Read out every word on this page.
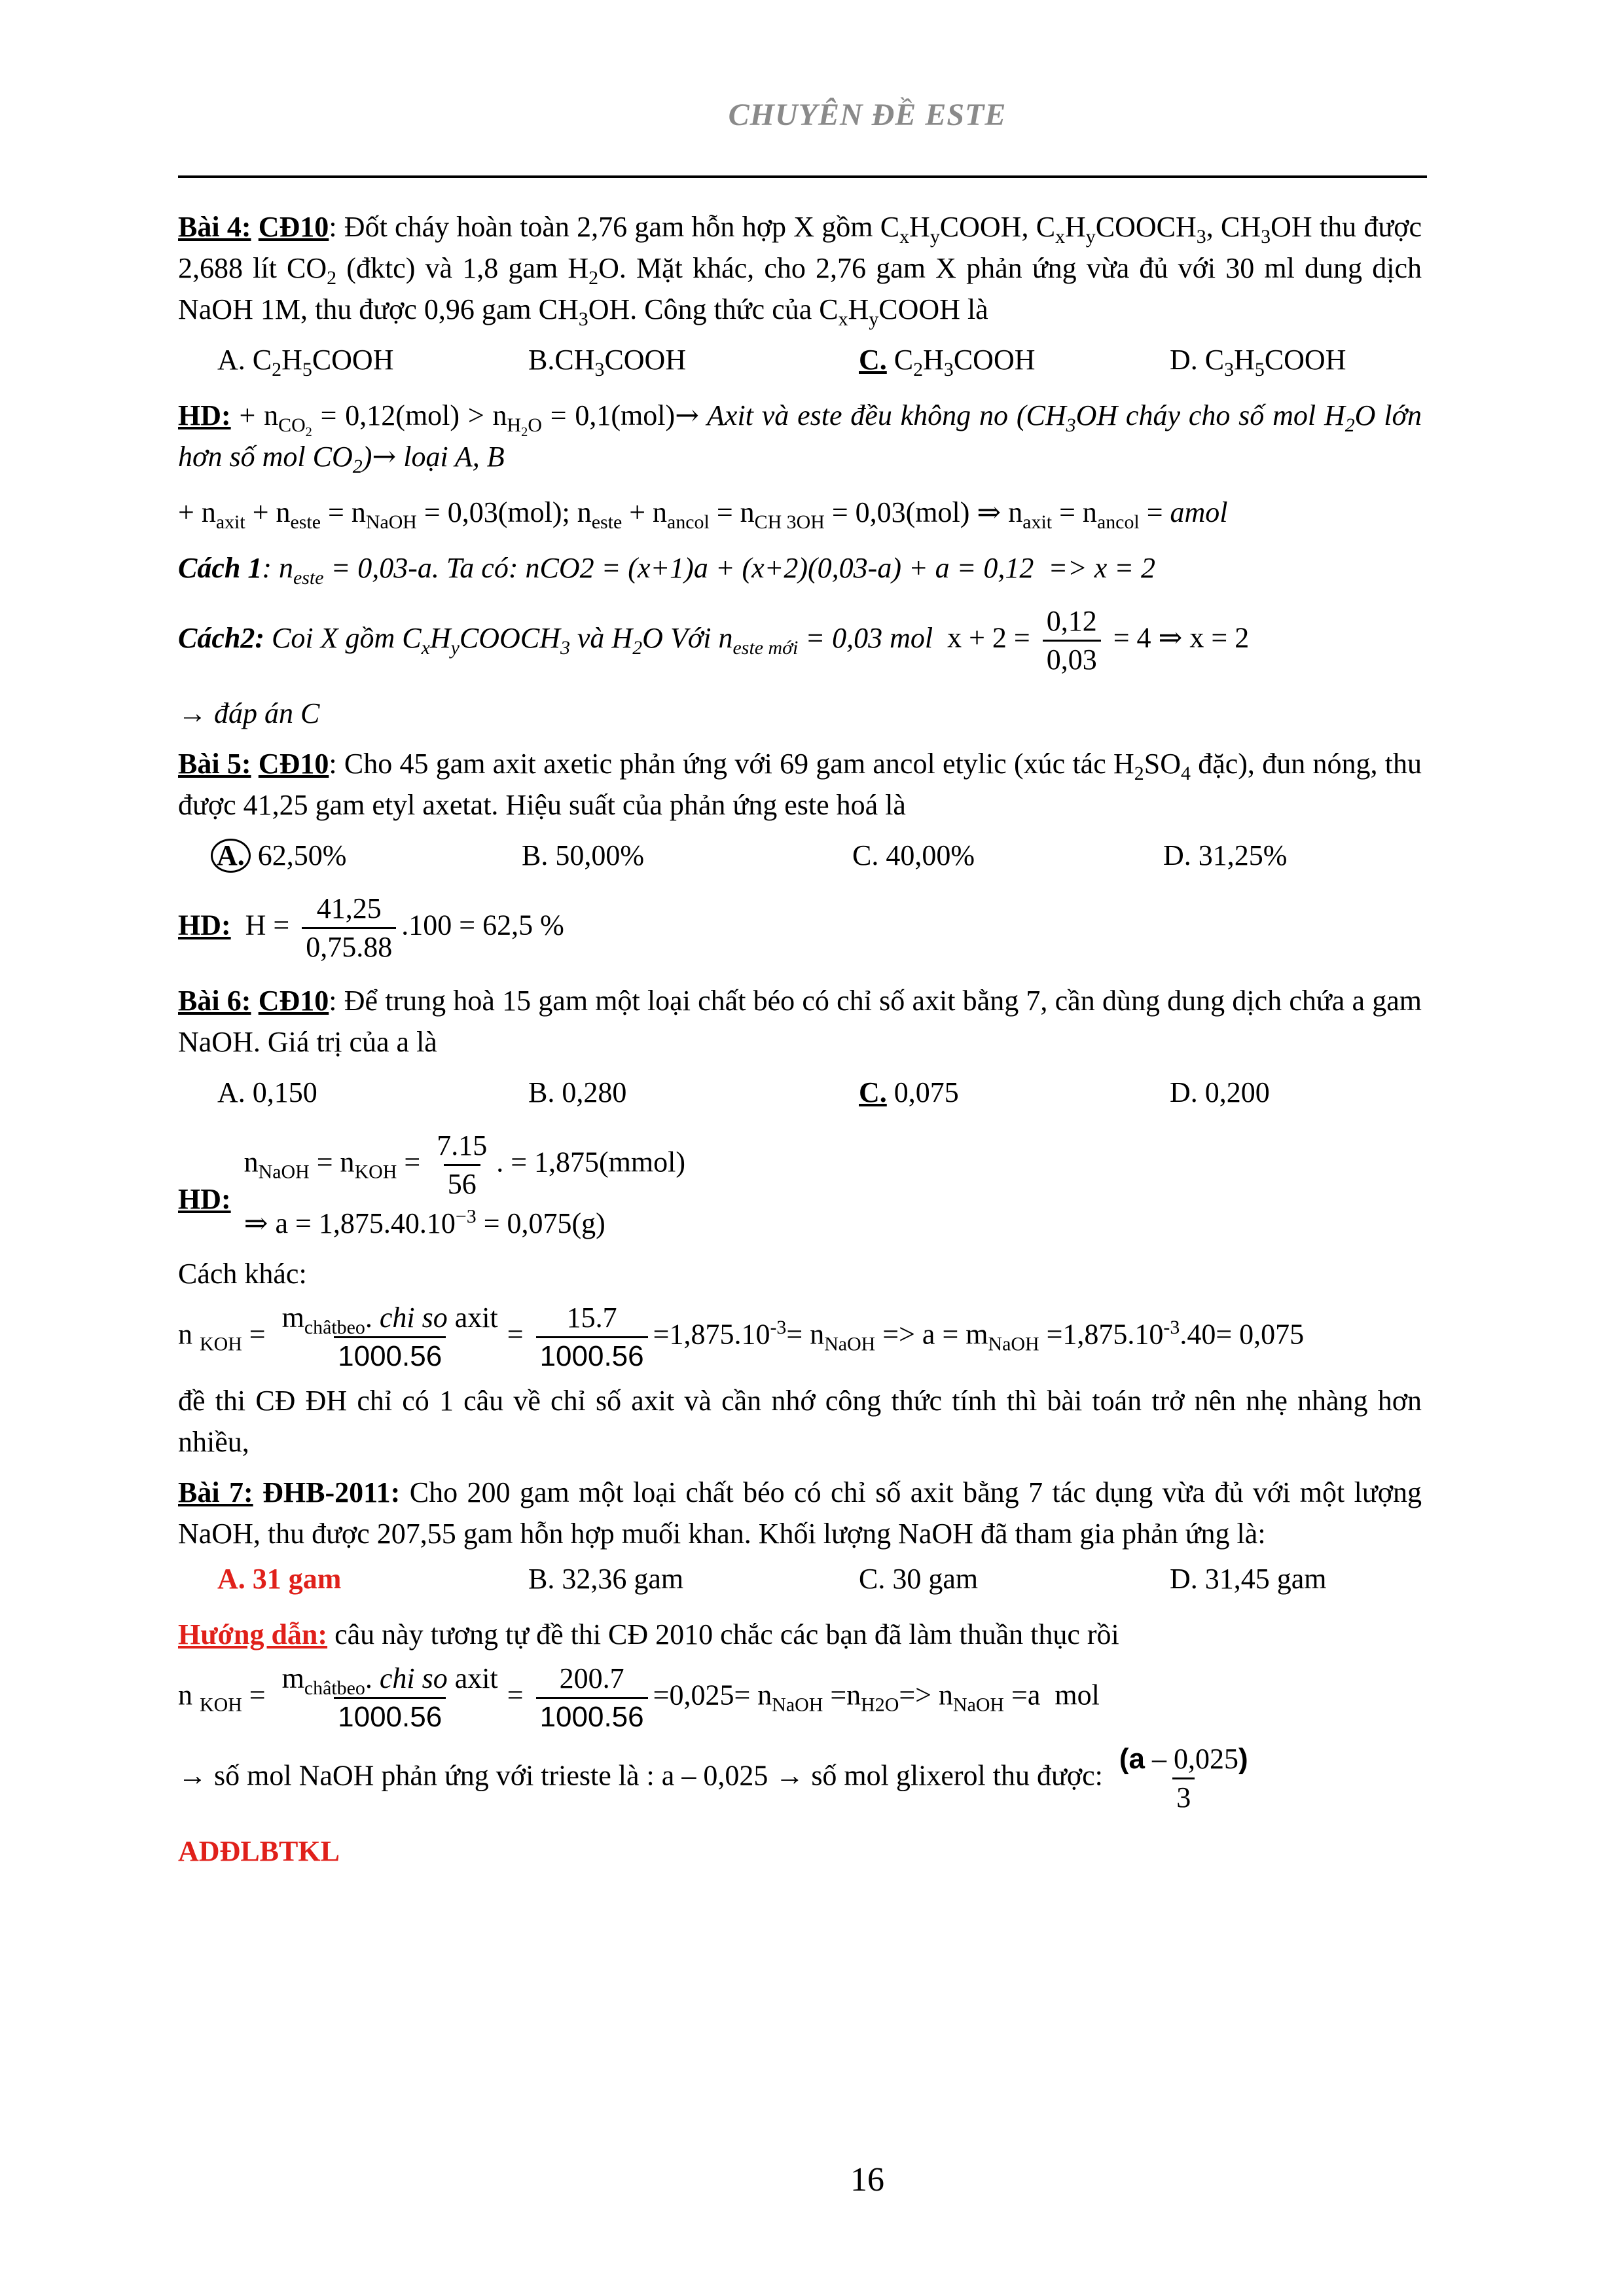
CHUYÊN ĐỀ ESTE

Bài 4: CĐ10: Đốt cháy hoàn toàn 2,76 gam hỗn hợp X gồm $C_xH_yCOOH$, $C_xH_yCOOCH_3$, $CH_3OH$ thu được 2,688 lít $CO_2$ (đktc) và 1,8 gam $H_2O$. Mặt khác, cho 2,76 gam X phản ứng vừa đủ với 30 ml dung dịch NaOH 1M, thu được 0,96 gam $CH_3OH$. Công thức của $C_xH_yCOOH$ là

A. $C_2H_5COOH$	$B.CH_3COOH$	C. $C_2H_3COOH$	D. $C_3H_5COOH$

HD: + $n_{CO_2} = 0,12(mol) > n_{H_2O} = 0,1(mol)\to$ Axit và este đều không no ($CH_3OH$ cháy cho số mol $H_2O$ lớn hơn số mol $CO_2)\to$ loại A, B

+ $n_{axit} + n_{este} = n_{NaOH} = 0,03(mol)$; $n_{este} + n_{ancol} = n_{CH 3OH} = 0,03(mol)$ ⇒ $n_{axit} = n_{ancol}$ = amol

Cách 1: $n_{este} = 0,03-a$. Ta có: nCO2 = (x+1)a + (x+2)(0,03-a) + a = 0,12  => x = 2

Cách2: Coi X gồm $C_xH_yCOOCH_3$ và $H_2O$ Với $n_{este mới} = 0,03$ mol $x + 2 = \frac{0,12}{0,03} = 4$ ⇒ x = 2

→ đáp án C

Bài 5: CĐ10: Cho 45 gam axit axetic phản ứng với 69 gam ancol etylic (xúc tác $H_2SO_4$ đặc), đun nóng, thu được 41,25 gam etyl axetat. Hiệu suất của phản ứng este hoá là

A. 62,50%	B. 50,00%	C. 40,00%	D. 31,25%

HD: $H = \frac{41,25}{0,75.88} .100 = 62,5$ %

Bài 6: CĐ10: Để trung hoà 15 gam một loại chất béo có chỉ số axit bằng 7, cần dùng dung dịch chứa a gam NaOH. Giá trị của a là

A. 0,150	B. 0,280	C. 0,075	D. 0,200
HD:
$n_{NaOH} = n_{KOH} = \frac{7.15}{56}$ . = 1,875(mmol)
⇒ $a = 1,875.40.10^{-3} = 0,075(g)$

Cách khác:

n $_{KOH} = \frac{m_{châtbeo}. chi so axit}{1000.56} = \frac{15.7}{1000.56} =1,875.10^{-3}= n_{NaOH} => a = m_{NaOH} =1,875.10^{-3}.40= 0,075$

đề thi CĐ ĐH chỉ có 1 câu về chỉ số axit và cần nhớ công thức tính thì bài toán trở nên nhẹ nhàng hơn nhiều,

Bài 7: ĐHB-2011: Cho 200 gam một loại chất béo có chỉ số axit bằng 7 tác dụng vừa đủ với một lượng NaOH, thu được 207,55 gam hỗn hợp muối khan. Khối lượng NaOH đã tham gia phản ứng là:

A. 31 gam	B. 32,36 gam	C. 30 gam	D. 31,45 gam

Hướng dẫn: câu này tương tự đề thi CĐ 2010 chắc các bạn đã làm thuần thục rồi

n $_{KOH} = \frac{m_{châtbeo}. chi so axit}{1000.56} = \frac{200.7}{1000.56} =0,025= n_{NaOH} =n_{H2O}=> n_{NaOH} =a$  mol

→ số mol NaOH phản ứng với trieste là : a – 0,025 → số mol glixerol thu được: $\frac{(a - 0,025)}{3}$

ADĐLBTKL

16
